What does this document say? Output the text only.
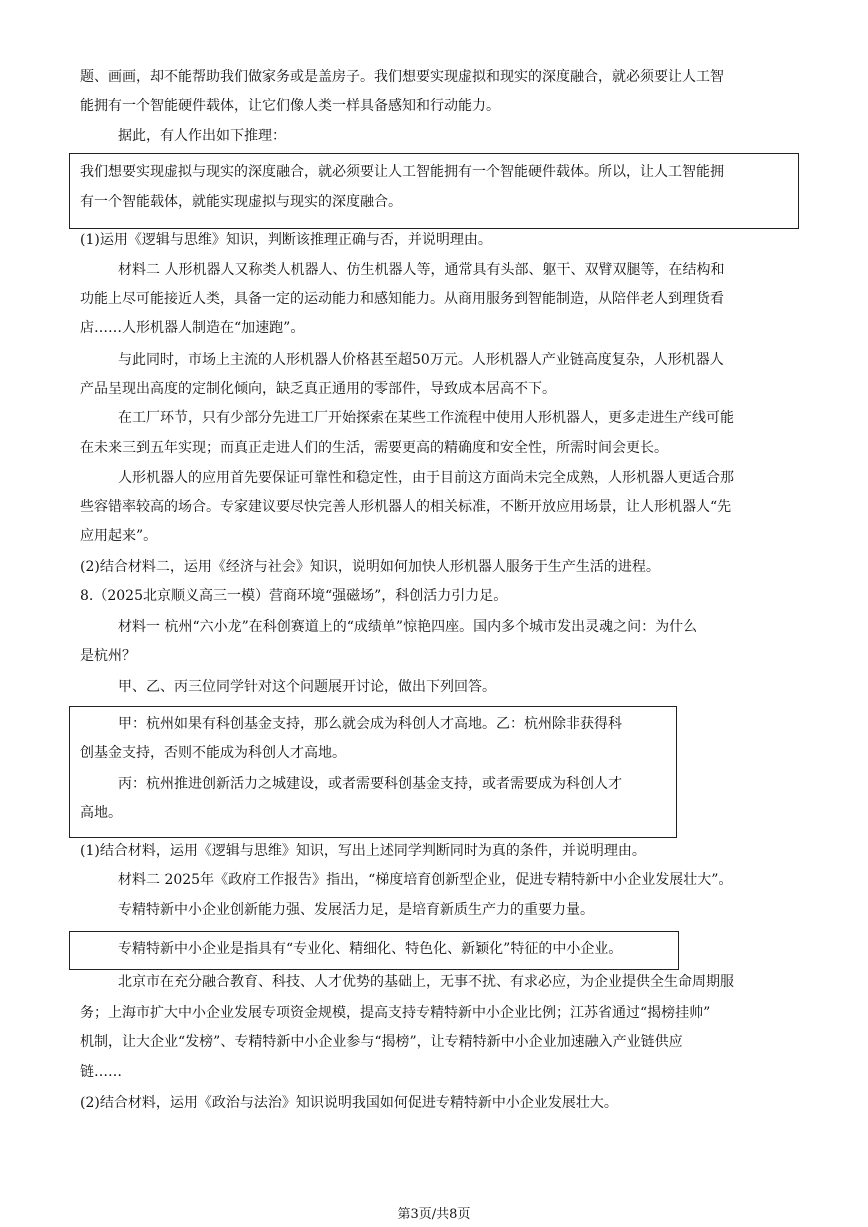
题、画画，却不能帮助我们做家务或是盖房子。我们想要实现虚拟和现实的深度融合，就必须要让人工智
能拥有一个智能硬件载体，让它们像人类一样具备感知和行动能力。
据此，有人作出如下推理：
我们想要实现虚拟与现实的深度融合，就必须要让人工智能拥有一个智能硬件载体。所以，让人工智能拥
有一个智能载体，就能实现虚拟与现实的深度融合。
(1)运用《逻辑与思维》知识，判断该推理正确与否，并说明理由。
材料二 人形机器人又称类人机器人、仿生机器人等，通常具有头部、躯干、双臂双腿等，在结构和
功能上尽可能接近人类，具备一定的运动能力和感知能力。从商用服务到智能制造，从陪伴老人到理货看
店……人形机器人制造在“加速跑”。
与此同时，市场上主流的人形机器人价格甚至超50万元。人形机器人产业链高度复杂，人形机器人
产品呈现出高度的定制化倾向，缺乏真正通用的零部件，导致成本居高不下。
在工厂环节，只有少部分先进工厂开始探索在某些工作流程中使用人形机器人，更多走进生产线可能
在未来三到五年实现；而真正走进人们的生活，需要更高的精确度和安全性，所需时间会更长。
人形机器人的应用首先要保证可靠性和稳定性，由于目前这方面尚未完全成熟，人形机器人更适合那
些容错率较高的场合。专家建议要尽快完善人形机器人的相关标准，不断开放应用场景，让人形机器人“先
应用起来”。
(2)结合材料二，运用《经济与社会》知识，说明如何加快人形机器人服务于生产生活的进程。
8.（2025北京顺义高三一模）营商环境“强磁场”，科创活力引力足。
材料一 杭州“六小龙”在科创赛道上的“成绩单”惊艳四座。国内多个城市发出灵魂之问：为什么
是杭州？
甲、乙、丙三位同学针对这个问题展开讨论，做出下列回答。
甲：杭州如果有科创基金支持，那么就会成为科创人才高地。乙：杭州除非获得科
创基金支持，否则不能成为科创人才高地。
丙：杭州推进创新活力之城建设，或者需要科创基金支持，或者需要成为科创人才
高地。
(1)结合材料，运用《逻辑与思维》知识，写出上述同学判断同时为真的条件，并说明理由。
材料二 2025年《政府工作报告》指出，“梯度培育创新型企业，促进专精特新中小企业发展壮大”。
专精特新中小企业创新能力强、发展活力足，是培育新质生产力的重要力量。
专精特新中小企业是指具有“专业化、精细化、特色化、新颖化”特征的中小企业。
北京市在充分融合教育、科技、人才优势的基础上，无事不扰、有求必应，为企业提供全生命周期服
务；上海市扩大中小企业发展专项资金规模，提高支持专精特新中小企业比例；江苏省通过“揭榜挂帅”
机制，让大企业“发榜”、专精特新中小企业参与“揭榜”，让专精特新中小企业加速融入产业链供应
链……
(2)结合材料，运用《政治与法治》知识说明我国如何促进专精特新中小企业发展壮大。
第3页/共8页
